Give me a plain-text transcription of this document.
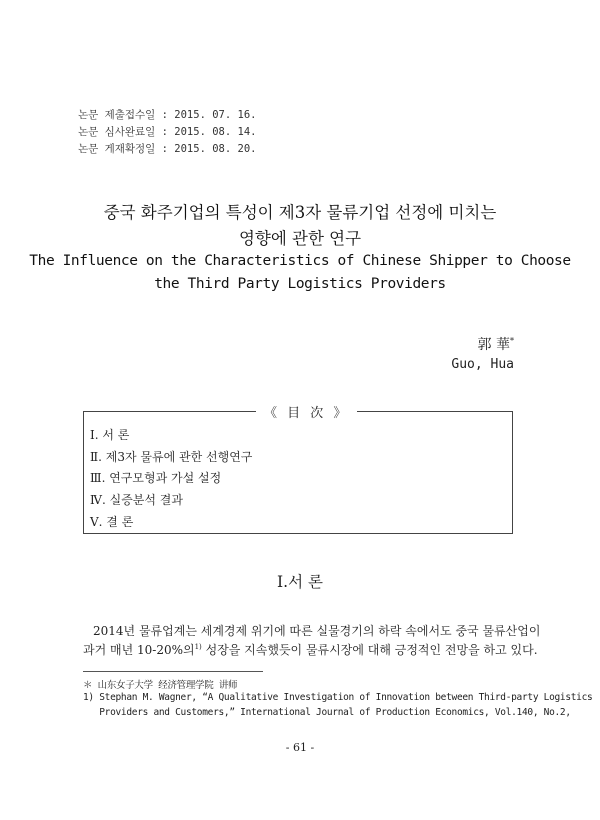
논문 제출접수일 : 2015. 07. 16.
논문 심사완료일 : 2015. 08. 14.
논문 게재확정일 : 2015. 08. 20.
중국 화주기업의 특성이 제3자 물류기업 선정에 미치는
영향에 관한 연구
The Influence on the Characteristics of Chinese Shipper to Choose
the Third Party Logistics Providers
郭 華*
Guo, Hua
《 目 次 》
Ⅰ. 서 론
Ⅱ. 제3자 물류에 관한 선행연구
Ⅲ. 연구모형과 가설 설정
Ⅳ. 실증분석 결과
Ⅴ. 결 론
Ⅰ.서 론
2014년 물류업계는 세계경제 위기에 따른 실물경기의 하락 속에서도 중국 물류산업이
과거 매년 10-20%의$^{1)}$ 성장을 지속했듯이 물류시장에 대해 긍정적인 전망을 하고 있다.
＊ 山东女子大学 经济管理学院 讲师
1) Stephan M. Wagner, “A Qualitative Investigation of Innovation between Third-party Logistics
Providers and Customers,” International Journal of Production Economics, Vol.140, No.2,
- 61 -
